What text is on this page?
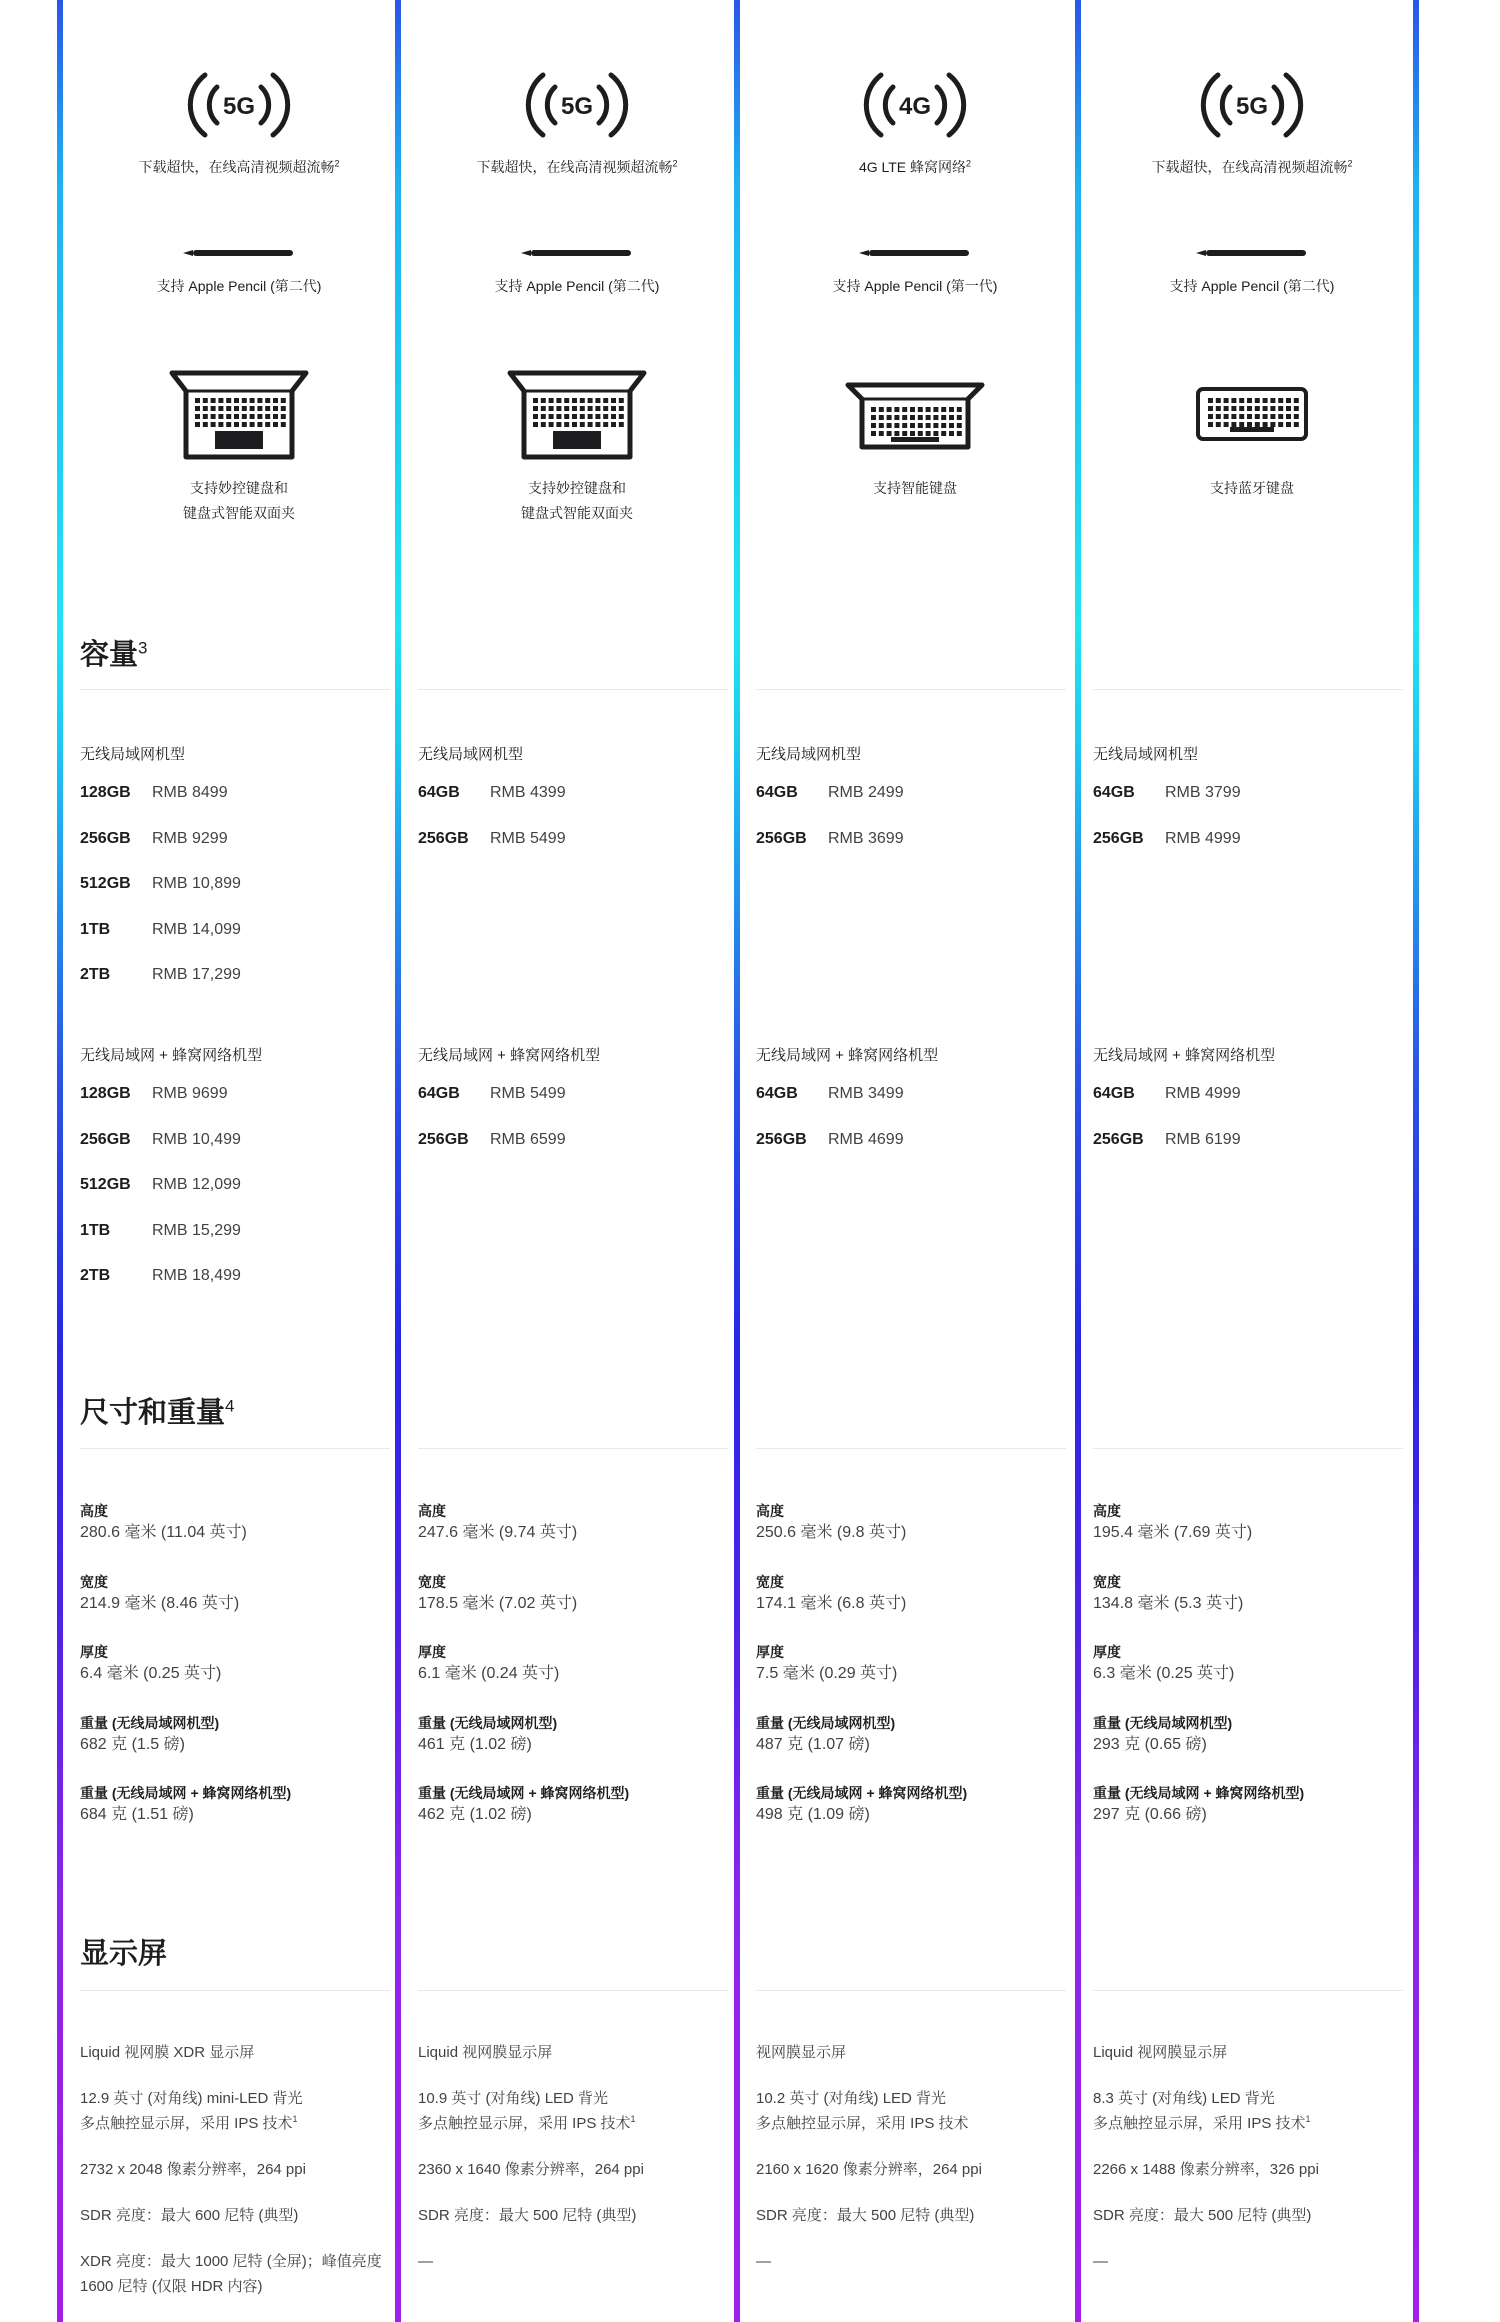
5G
下载超快，在线高清视频超流畅$^2$
支持 Apple Pencil (第二代)
支持妙控键盘和
键盘式智能双面夹
容量$^3$
尺寸和重量$^4$
显示屏
无线局域网机型
128GB RMB 8499
256GB RMB 9299
512GB RMB 10,899
1TB	RMB 14,099
2TB	RMB 17,299
无线局域网 + 蜂窝网络机型
128GB RMB 9699
256GB RMB 10,499
512GB RMB 12,099
1TB	RMB 15,299
2TB	RMB 18,499
高度
280.6 毫米 (11.04 英寸)
宽度
214.9 毫米 (8.46 英寸)
厚度
6.4 毫米 (0.25 英寸)
重量 (无线局域网机型)
682 克 (1.5 磅)
重量 (无线局域网 + 蜂窝网络机型)
684 克 (1.51 磅)
Liquid 视网膜 XDR 显示屏
12.9 英寸 (对角线) mini-LED 背光
多点触控显示屏，采用 IPS 技术$^1$
2732 x 2048 像素分辨率，264 ppi
SDR 亮度：最大 600 尼特 (典型)
XDR 亮度：最大 1000 尼特 (全屏)；峰值亮度
1600 尼特 (仅限 HDR 内容)
5G
下载超快，在线高清视频超流畅$^2$
支持 Apple Pencil (第二代)
支持妙控键盘和
键盘式智能双面夹
无线局域网机型
64GB RMB 4399
256GB RMB 5499
无线局域网 + 蜂窝网络机型
64GB RMB 5499
256GB RMB 6599
高度
247.6 毫米 (9.74 英寸)
宽度
178.5 毫米 (7.02 英寸)
厚度
6.1 毫米 (0.24 英寸)
重量 (无线局域网机型)
461 克 (1.02 磅)
重量 (无线局域网 + 蜂窝网络机型)
462 克 (1.02 磅)
Liquid 视网膜显示屏
10.9 英寸 (对角线) LED 背光
多点触控显示屏，采用 IPS 技术$^1$
2360 x 1640 像素分辨率，264 ppi
SDR 亮度：最大 500 尼特 (典型)
—
4G
4G LTE 蜂窝网络$^2$
支持 Apple Pencil (第一代)
支持智能键盘
无线局域网机型
64GB RMB 2499
256GB RMB 3699
无线局域网 + 蜂窝网络机型
64GB RMB 3499
256GB RMB 4699
高度
250.6 毫米 (9.8 英寸)
宽度
174.1 毫米 (6.8 英寸)
厚度
7.5 毫米 (0.29 英寸)
重量 (无线局域网机型)
487 克 (1.07 磅)
重量 (无线局域网 + 蜂窝网络机型)
498 克 (1.09 磅)
视网膜显示屏
10.2 英寸 (对角线) LED 背光
多点触控显示屏，采用 IPS 技术
2160 x 1620 像素分辨率，264 ppi
SDR 亮度：最大 500 尼特 (典型)
—
5G
下载超快，在线高清视频超流畅$^2$
支持 Apple Pencil (第二代)
支持蓝牙键盘
无线局域网机型
64GB RMB 3799
256GB RMB 4999
无线局域网 + 蜂窝网络机型
64GB RMB 4999
256GB RMB 6199
高度
195.4 毫米 (7.69 英寸)
宽度
134.8 毫米 (5.3 英寸)
厚度
6.3 毫米 (0.25 英寸)
重量 (无线局域网机型)
293 克 (0.65 磅)
重量 (无线局域网 + 蜂窝网络机型)
297 克 (0.66 磅)
Liquid 视网膜显示屏
8.3 英寸 (对角线) LED 背光
多点触控显示屏，采用 IPS 技术$^1$
2266 x 1488 像素分辨率，326 ppi
SDR 亮度：最大 500 尼特 (典型)
—
